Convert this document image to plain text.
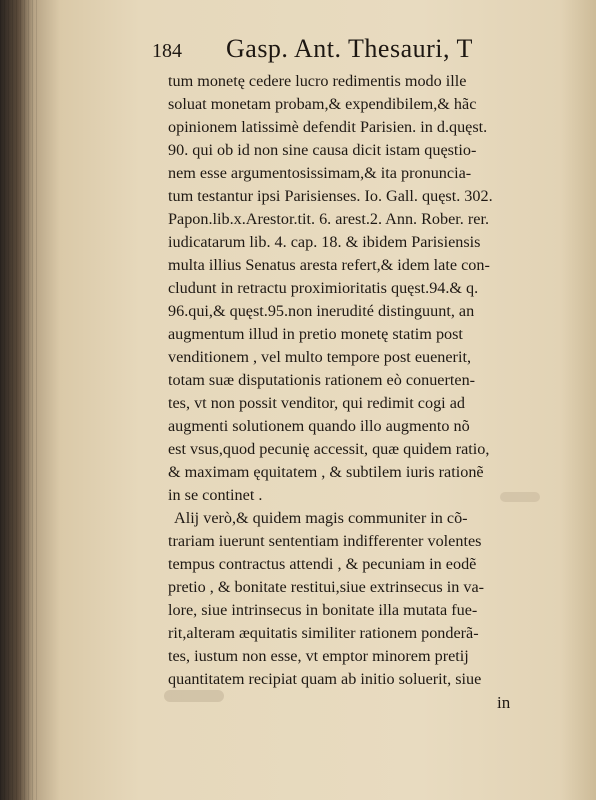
184 Gasp. Ant. Thesauri, T
tum monetę cedere lucro redimentis modo ille
soluat monetam probam,& expendibilem,& hãc
opinionem latissimè defendit Parisien. in d.quęst.
90. qui ob id non sine causa dicit istam quęstio-
nem esse argumentosissimam,& ita pronuncia-
tum testantur ipsi Parisienses. Io. Gall. quęst. 302.
Papon.lib.x.Arestor.tit. 6. arest.2. Ann. Rober. rer.
iudicatarum lib. 4. cap. 18. & ibidem Parisiensis
multa illius Senatus aresta refert,& idem late con-
cludunt in retractu proximioritatis quęst.94.& q.
96.qui,& quęst.95.non inerudité distinguunt, an
augmentum illud in pretio monetę statim post
venditionem , vel multo tempore post euenerit,
totam suæ disputationis rationem eò conuerten-
tes, vt non possit venditor, qui redimit cogi ad
augmenti solutionem quando illo augmento nõ
est vsus,quod pecunię accessit, quæ quidem ratio,
& maximam ęquitatem , & subtilem iuris rationẽ
in se continet .
Alij verò,& quidem magis communiter in cõ-
trariam iuerunt sententiam indifferenter volentes
tempus contractus attendi , & pecuniam in eodẽ
pretio , & bonitate restitui,siue extrinsecus in va-
lore, siue intrinsecus in bonitate illa mutata fue-
rit,alteram æquitatis similiter rationem ponderã-
tes, iustum non esse, vt emptor minorem pretij
quantitatem recipiat quam ab initio soluerit, siue
in
